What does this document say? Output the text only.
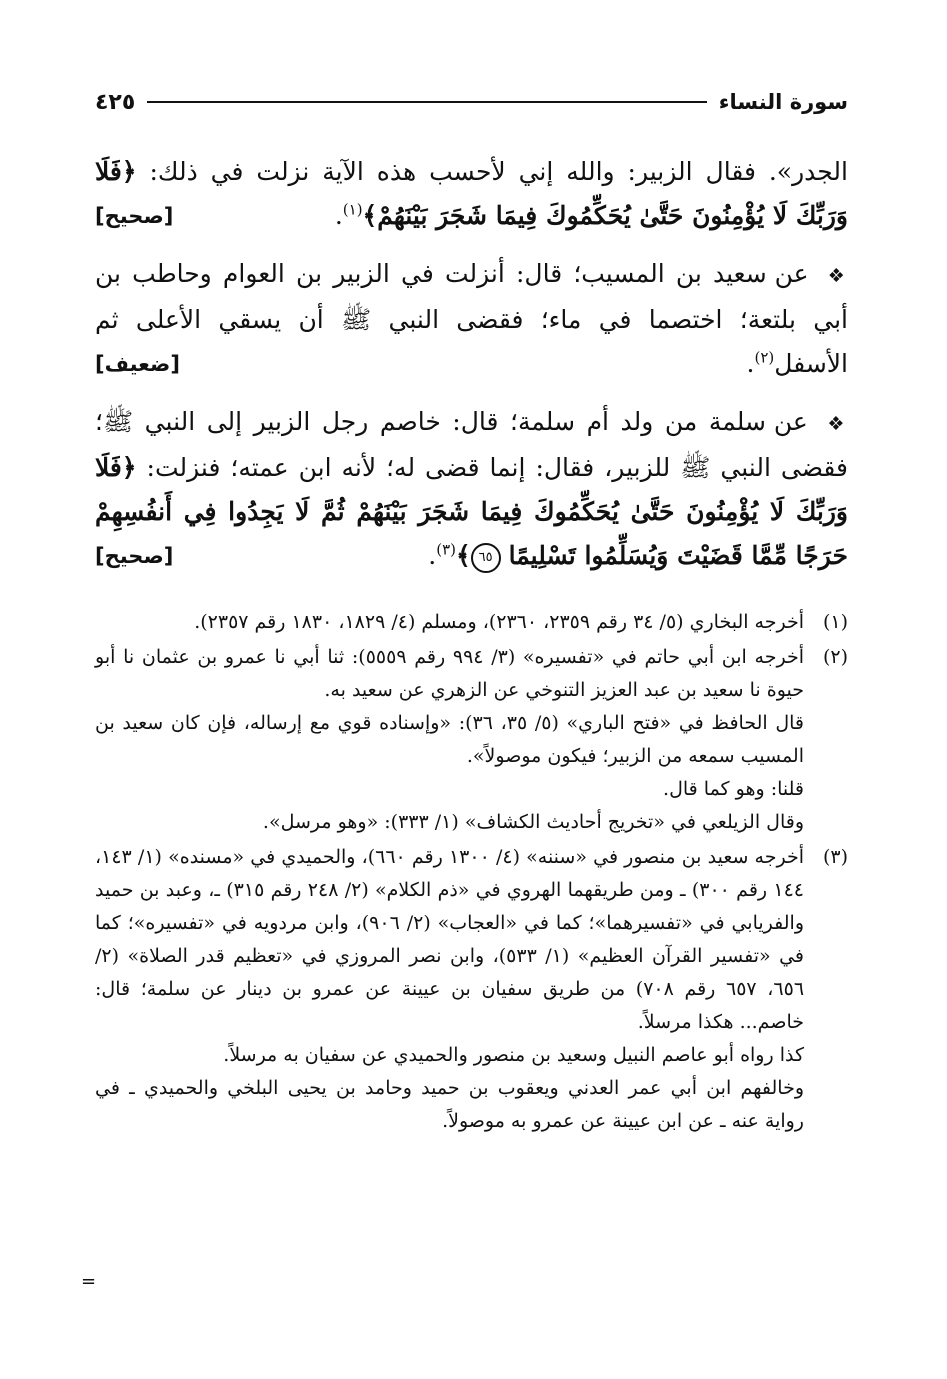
سورة النساء
٤٢٥

الجدر». فقال الزبير: والله إني لأحسب هذه الآية نزلت في ذلك: ﴿فَلَا وَرَبِّكَ لَا يُؤْمِنُونَ حَتَّىٰ يُحَكِّمُوكَ فِيمَا شَجَرَ بَيْنَهُمْ﴾$^{(١)}$.
[صحيح]

❖ عن سعيد بن المسيب؛ قال: أنزلت في الزبير بن العوام وحاطب بن أبي بلتعة؛ اختصما في ماء؛ فقضى النبي ﷺ أن يسقي الأعلى ثم الأسفل$^{(٢)}$.
[ضعيف]

❖ عن سلمة من ولد أم سلمة؛ قال: خاصم رجل الزبير إلى النبي ﷺ؛ فقضى النبي ﷺ للزبير، فقال: إنما قضى له؛ لأنه ابن عمته؛ فنزلت: ﴿فَلَا وَرَبِّكَ لَا يُؤْمِنُونَ حَتَّىٰ يُحَكِّمُوكَ فِيمَا شَجَرَ بَيْنَهُمْ ثُمَّ لَا يَجِدُوا فِي أَنفُسِهِمْ حَرَجًا مِّمَّا قَضَيْتَ وَيُسَلِّمُوا تَسْلِيمًا ٦٥﴾$^{(٣)}$.
[صحيح]

(١)

أخرجه البخاري (٥/ ٣٤ رقم ٢٣٥٩، ٢٣٦٠)، ومسلم (٤/ ١٨٢٩، ١٨٣٠ رقم ٢٣٥٧).

(٢)

أخرجه ابن أبي حاتم في «تفسيره» (٣/ ٩٩٤ رقم ٥٥٥٩): ثنا أبي نا عمرو بن عثمان نا أبو حيوة نا سعيد بن عبد العزيز التنوخي عن الزهري عن سعيد به.

قال الحافظ في «فتح الباري» (٥/ ٣٥، ٣٦): «وإسناده قوي مع إرساله، فإن كان سعيد بن المسيب سمعه من الزبير؛ فيكون موصولاً».

قلنا: وهو كما قال.

وقال الزيلعي في «تخريج أحاديث الكشاف» (١/ ٣٣٣): «وهو مرسل».

(٣)

أخرجه سعيد بن منصور في «سننه» (٤/ ١٣٠٠ رقم ٦٦٠)، والحميدي في «مسنده» (١/ ١٤٣، ١٤٤ رقم ٣٠٠) ـ ومن طريقهما الهروي في «ذم الكلام» (٢/ ٢٤٨ رقم ٣١٥) ـ، وعبد بن حميد والفريابي في «تفسيرهما»؛ كما في «العجاب» (٢/ ٩٠٦)، وابن مردويه في «تفسيره»؛ كما في «تفسير القرآن العظيم» (١/ ٥٣٣)، وابن نصر المروزي في «تعظيم قدر الصلاة» (٢/ ٦٥٦، ٦٥٧ رقم ٧٠٨) من طريق سفيان بن عيينة عن عمرو بن دينار عن سلمة؛ قال: خاصم... هكذا مرسلاً.

كذا رواه أبو عاصم النبيل وسعيد بن منصور والحميدي عن سفيان به مرسلاً.

وخالفهم ابن أبي عمر العدني ويعقوب بن حميد وحامد بن يحيى البلخي والحميدي ـ في رواية عنه ـ عن ابن عيينة عن عمرو به موصولاً.

=
